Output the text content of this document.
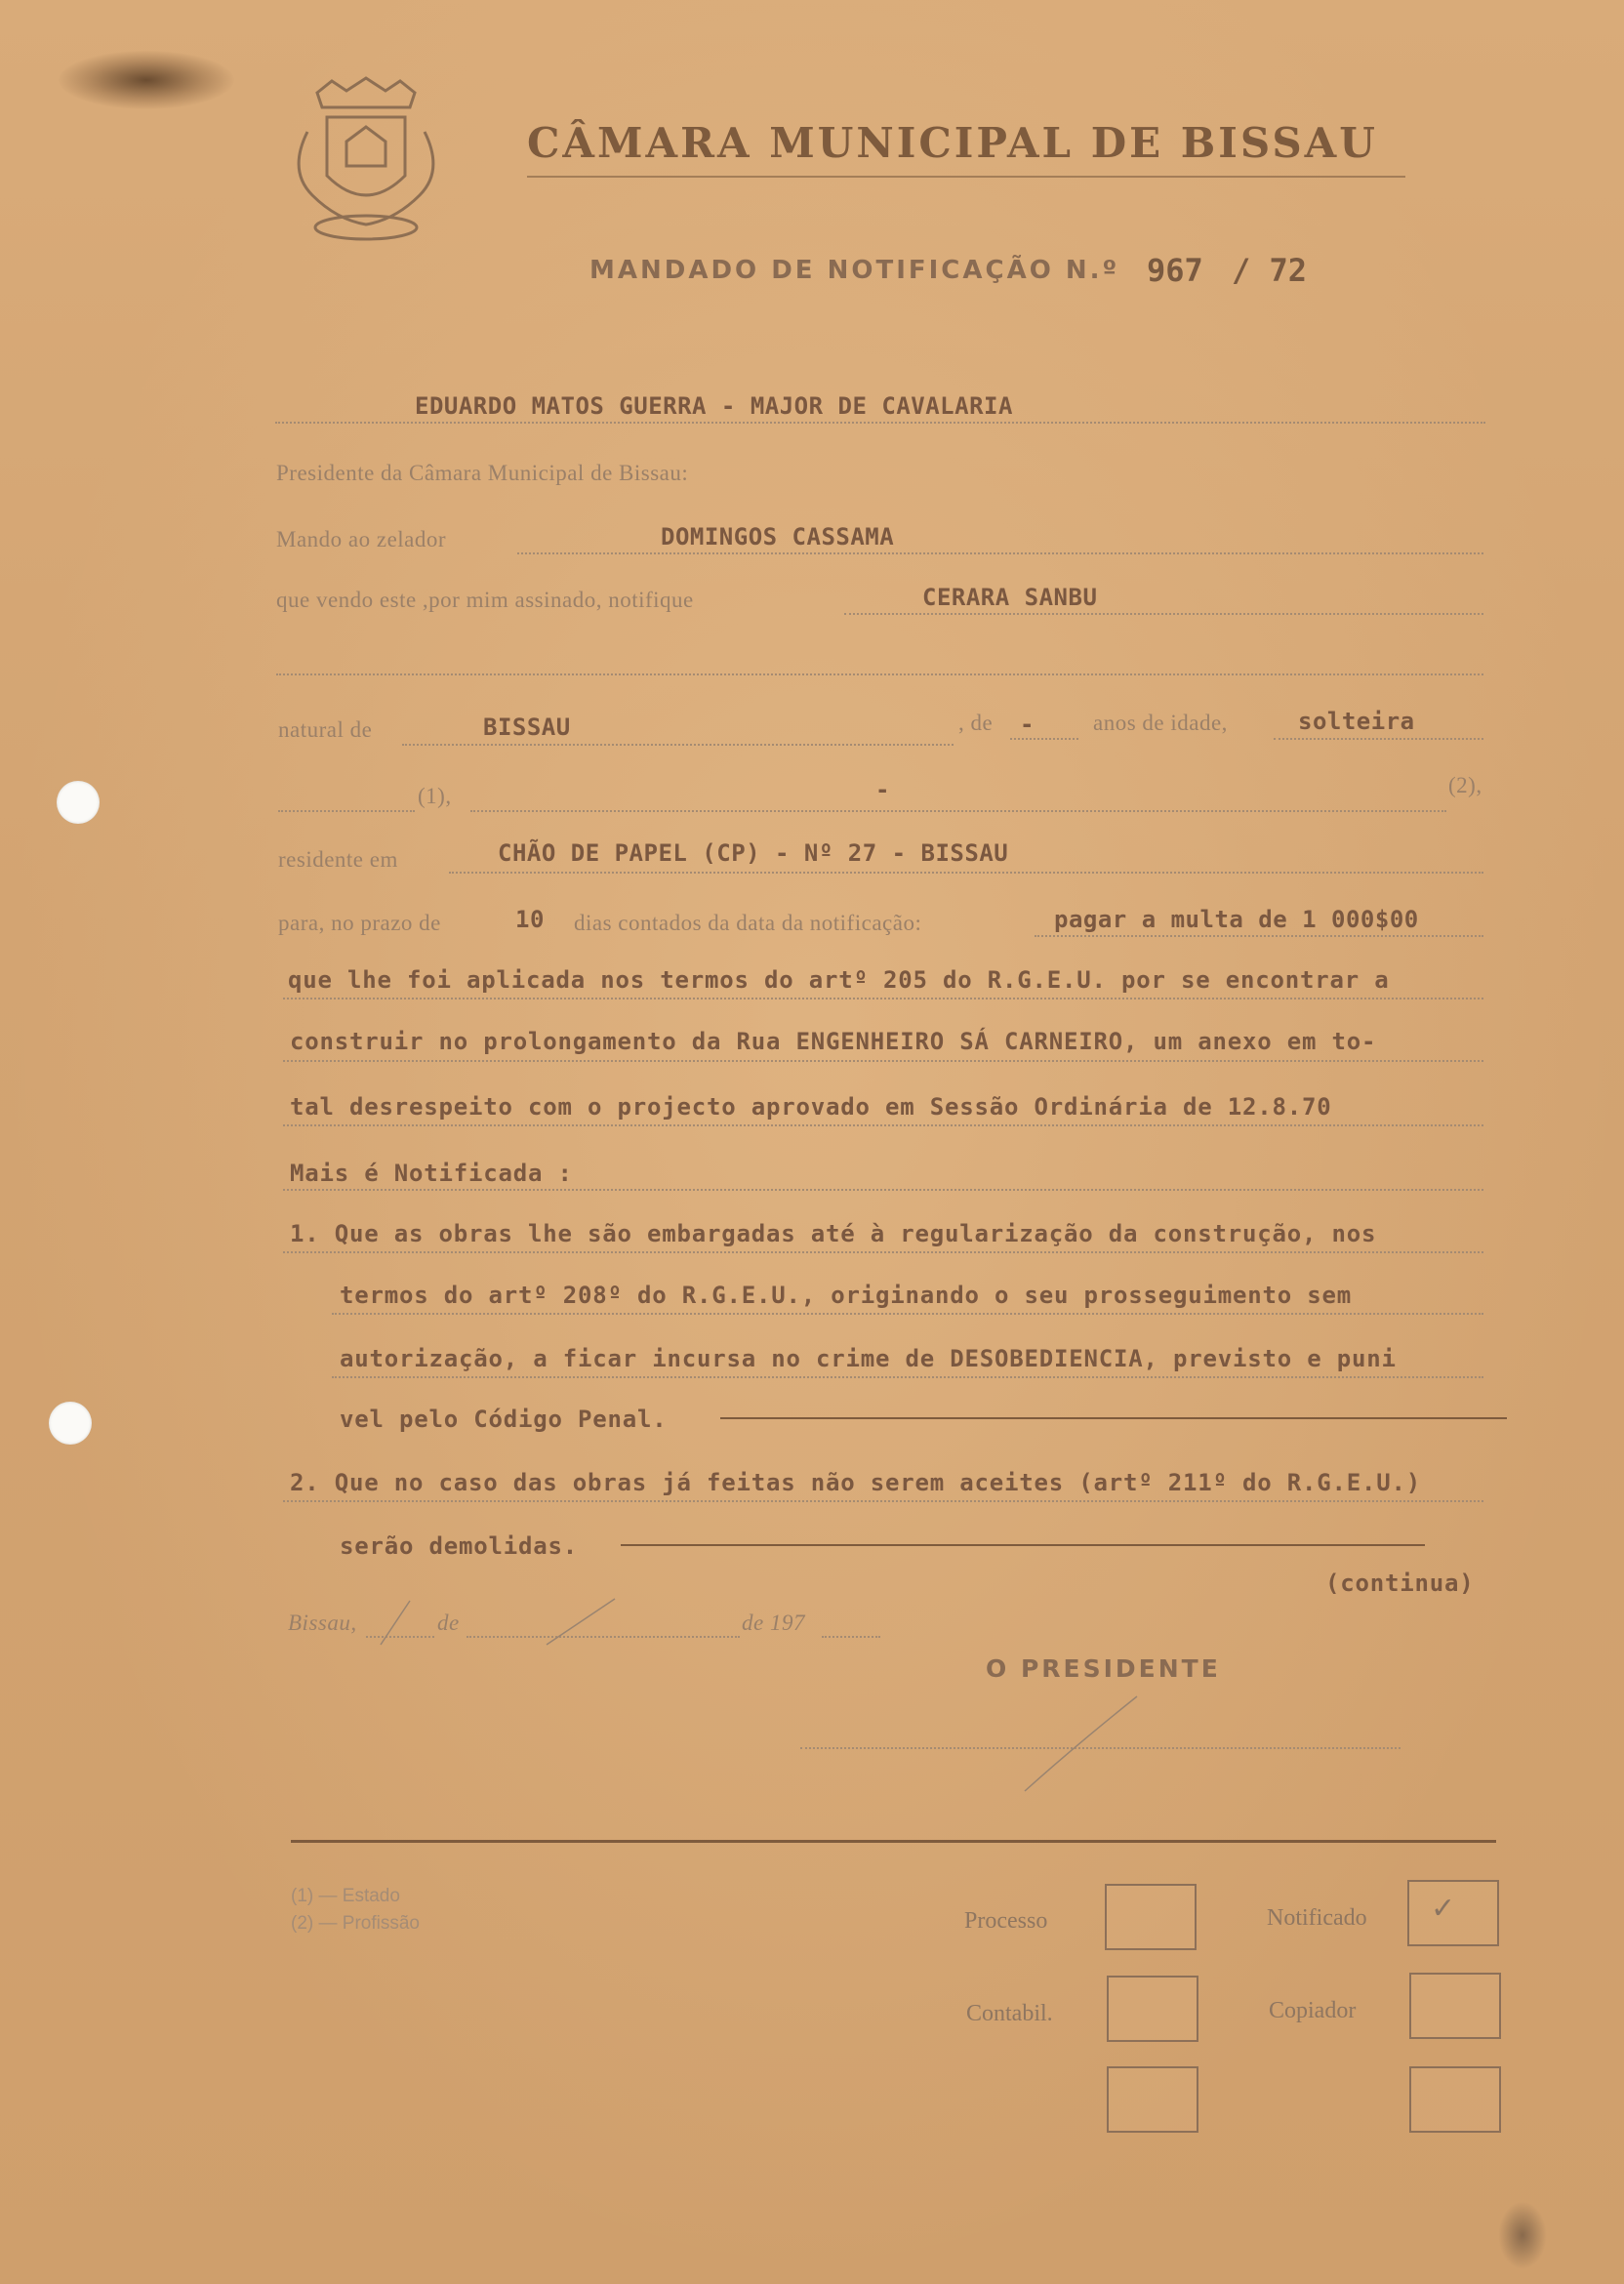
CÂMARA MUNICIPAL DE BISSAU
MANDADO DE NOTIFICAÇÃO N.º 967 / 72
EDUARDO MATOS GUERRA - MAJOR DE CAVALARIA
Presidente da Câmara Municipal de Bissau:
Mando ao zelador	DOMINGOS CASSAMA
que vendo este ,por mim assinado, notifique	CERARA SANBU
natural de	BISSAU	, de -	anos de idade,	solteira
(1),	-	(2),
residente em	CHÃO DE PAPEL (CP) - Nº 27 - BISSAU
para, no prazo de	10 dias contados da data da notificação:	pagar a multa de 1 000$00
que lhe foi aplicada nos termos do artº 205 do R.G.E.U. por se encontrar a
construir no prolongamento da Rua ENGENHEIRO SÁ CARNEIRO, um anexo em to-
tal desrespeito com o projecto aprovado em Sessão Ordinária de 12.8.70
Mais é Notificada :
1. Que as obras lhe são embargadas até à regularização da construção, nos
termos do artº 208º do R.G.E.U., originando o seu prosseguimento sem
autorização, a ficar incursa no crime de DESOBEDIENCIA, previsto e puni
vel pelo Código Penal.
2. Que no caso das obras já feitas não serem aceites (artº 211º do R.G.E.U.)
serão demolidas.
(continua)
Bissau,	de	de 197
O PRESIDENTE
(1) — Estado
(2) — Profissão	Processo	Notificado ✓
Contabil.	Copiador
